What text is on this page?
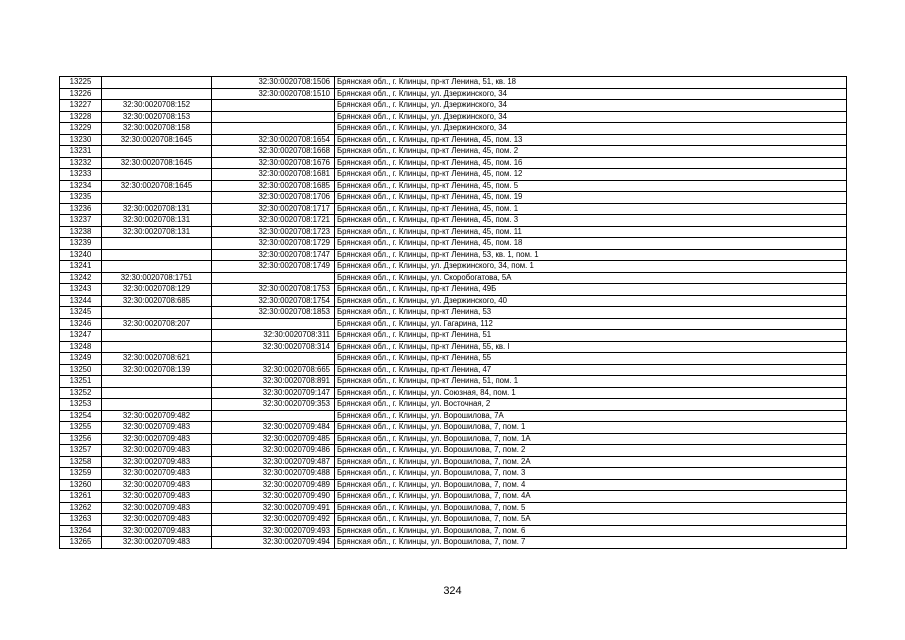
13225		32:30:0020708:1506	Брянская обл., г. Клинцы, пр-кт Ленина, 51, кв. 18
13226		32:30:0020708:1510	Брянская обл., г. Клинцы, ул. Дзержинского, 34
13227	32:30:0020708:152		Брянская обл., г. Клинцы, ул. Дзержинского, 34
13228	32:30:0020708:153		Брянская обл., г. Клинцы, ул. Дзержинского, 34
13229	32:30:0020708:158		Брянская обл., г. Клинцы, ул. Дзержинского, 34
13230	32:30:0020708:1645	32:30:0020708:1654	Брянская обл., г. Клинцы, пр-кт Ленина, 45, пом. 13
13231		32:30:0020708:1668	Брянская обл., г. Клинцы, пр-кт Ленина, 45, пом. 2
13232	32:30:0020708:1645	32:30:0020708:1676	Брянская обл., г. Клинцы, пр-кт Ленина, 45, пом. 16
13233		32:30:0020708:1681	Брянская обл., г. Клинцы, пр-кт Ленина, 45, пом. 12
13234	32:30:0020708:1645	32:30:0020708:1685	Брянская обл., г. Клинцы, пр-кт Ленина, 45, пом. 5
13235		32:30:0020708:1706	Брянская обл., г. Клинцы, пр-кт Ленина, 45, пом. 19
13236	32:30:0020708:131	32:30:0020708:1717	Брянская обл., г. Клинцы, пр-кт Ленина, 45, пом. 1
13237	32:30:0020708:131	32:30:0020708:1721	Брянская обл., г. Клинцы, пр-кт Ленина, 45, пом. 3
13238	32:30:0020708:131	32:30:0020708:1723	Брянская обл., г. Клинцы, пр-кт Ленина, 45, пом. 11
13239		32:30:0020708:1729	Брянская обл., г. Клинцы, пр-кт Ленина, 45, пом. 18
13240		32:30:0020708:1747	Брянская обл., г. Клинцы, пр-кт Ленина, 53, кв. 1, пом. 1
13241		32:30:0020708:1749	Брянская обл., г. Клинцы, ул. Дзержинского, 34, пом. 1
13242	32:30:0020708:1751		Брянская обл., г. Клинцы, ул. Скоробогатова, 5А
13243	32:30:0020708:129	32:30:0020708:1753	Брянская обл., г. Клинцы, пр-кт Ленина, 49Б
13244	32:30:0020708:685	32:30:0020708:1754	Брянская обл., г. Клинцы, ул. Дзержинского, 40
13245		32:30:0020708:1853	Брянская обл., г. Клинцы, пр-кт Ленина, 53
13246	32:30:0020708:207		Брянская обл., г. Клинцы, ул. Гагарина, 112
13247		32:30:0020708:311	Брянская обл., г. Клинцы, пр-кт Ленина, 51
13248		32:30:0020708:314	Брянская обл., г. Клинцы, пр-кт Ленина, 55, кв. I
13249	32:30:0020708:621		Брянская обл., г. Клинцы, пр-кт Ленина, 55
13250	32:30:0020708:139	32:30:0020708:665	Брянская обл., г. Клинцы, пр-кт Ленина, 47
13251		32:30:0020708:891	Брянская обл., г. Клинцы, пр-кт Ленина, 51, пом. 1
13252		32:30:0020709:147	Брянская обл., г. Клинцы, ул. Союзная, 84, пом. 1
13253		32:30:0020709:353	Брянская обл., г. Клинцы, ул. Восточная, 2
13254	32:30:0020709:482		Брянская обл., г. Клинцы, ул. Ворошилова, 7А
13255	32:30:0020709:483	32:30:0020709:484	Брянская обл., г. Клинцы, ул. Ворошилова, 7, пом. 1
13256	32:30:0020709:483	32:30:0020709:485	Брянская обл., г. Клинцы, ул. Ворошилова, 7, пом. 1А
13257	32:30:0020709:483	32:30:0020709:486	Брянская обл., г. Клинцы, ул. Ворошилова, 7, пом. 2
13258	32:30:0020709:483	32:30:0020709:487	Брянская обл., г. Клинцы, ул. Ворошилова, 7, пом. 2А
13259	32:30:0020709:483	32:30:0020709:488	Брянская обл., г. Клинцы, ул. Ворошилова, 7, пом. 3
13260	32:30:0020709:483	32:30:0020709:489	Брянская обл., г. Клинцы, ул. Ворошилова, 7, пом. 4
13261	32:30:0020709:483	32:30:0020709:490	Брянская обл., г. Клинцы, ул. Ворошилова, 7, пом. 4А
13262	32:30:0020709:483	32:30:0020709:491	Брянская обл., г. Клинцы, ул. Ворошилова, 7, пом. 5
13263	32:30:0020709:483	32:30:0020709:492	Брянская обл., г. Клинцы, ул. Ворошилова, 7, пом. 5А
13264	32:30:0020709:483	32:30:0020709:493	Брянская обл., г. Клинцы, ул. Ворошилова, 7, пом. 6
13265	32:30:0020709:483	32:30:0020709:494	Брянская обл., г. Клинцы, ул. Ворошилова, 7, пом. 7
324
